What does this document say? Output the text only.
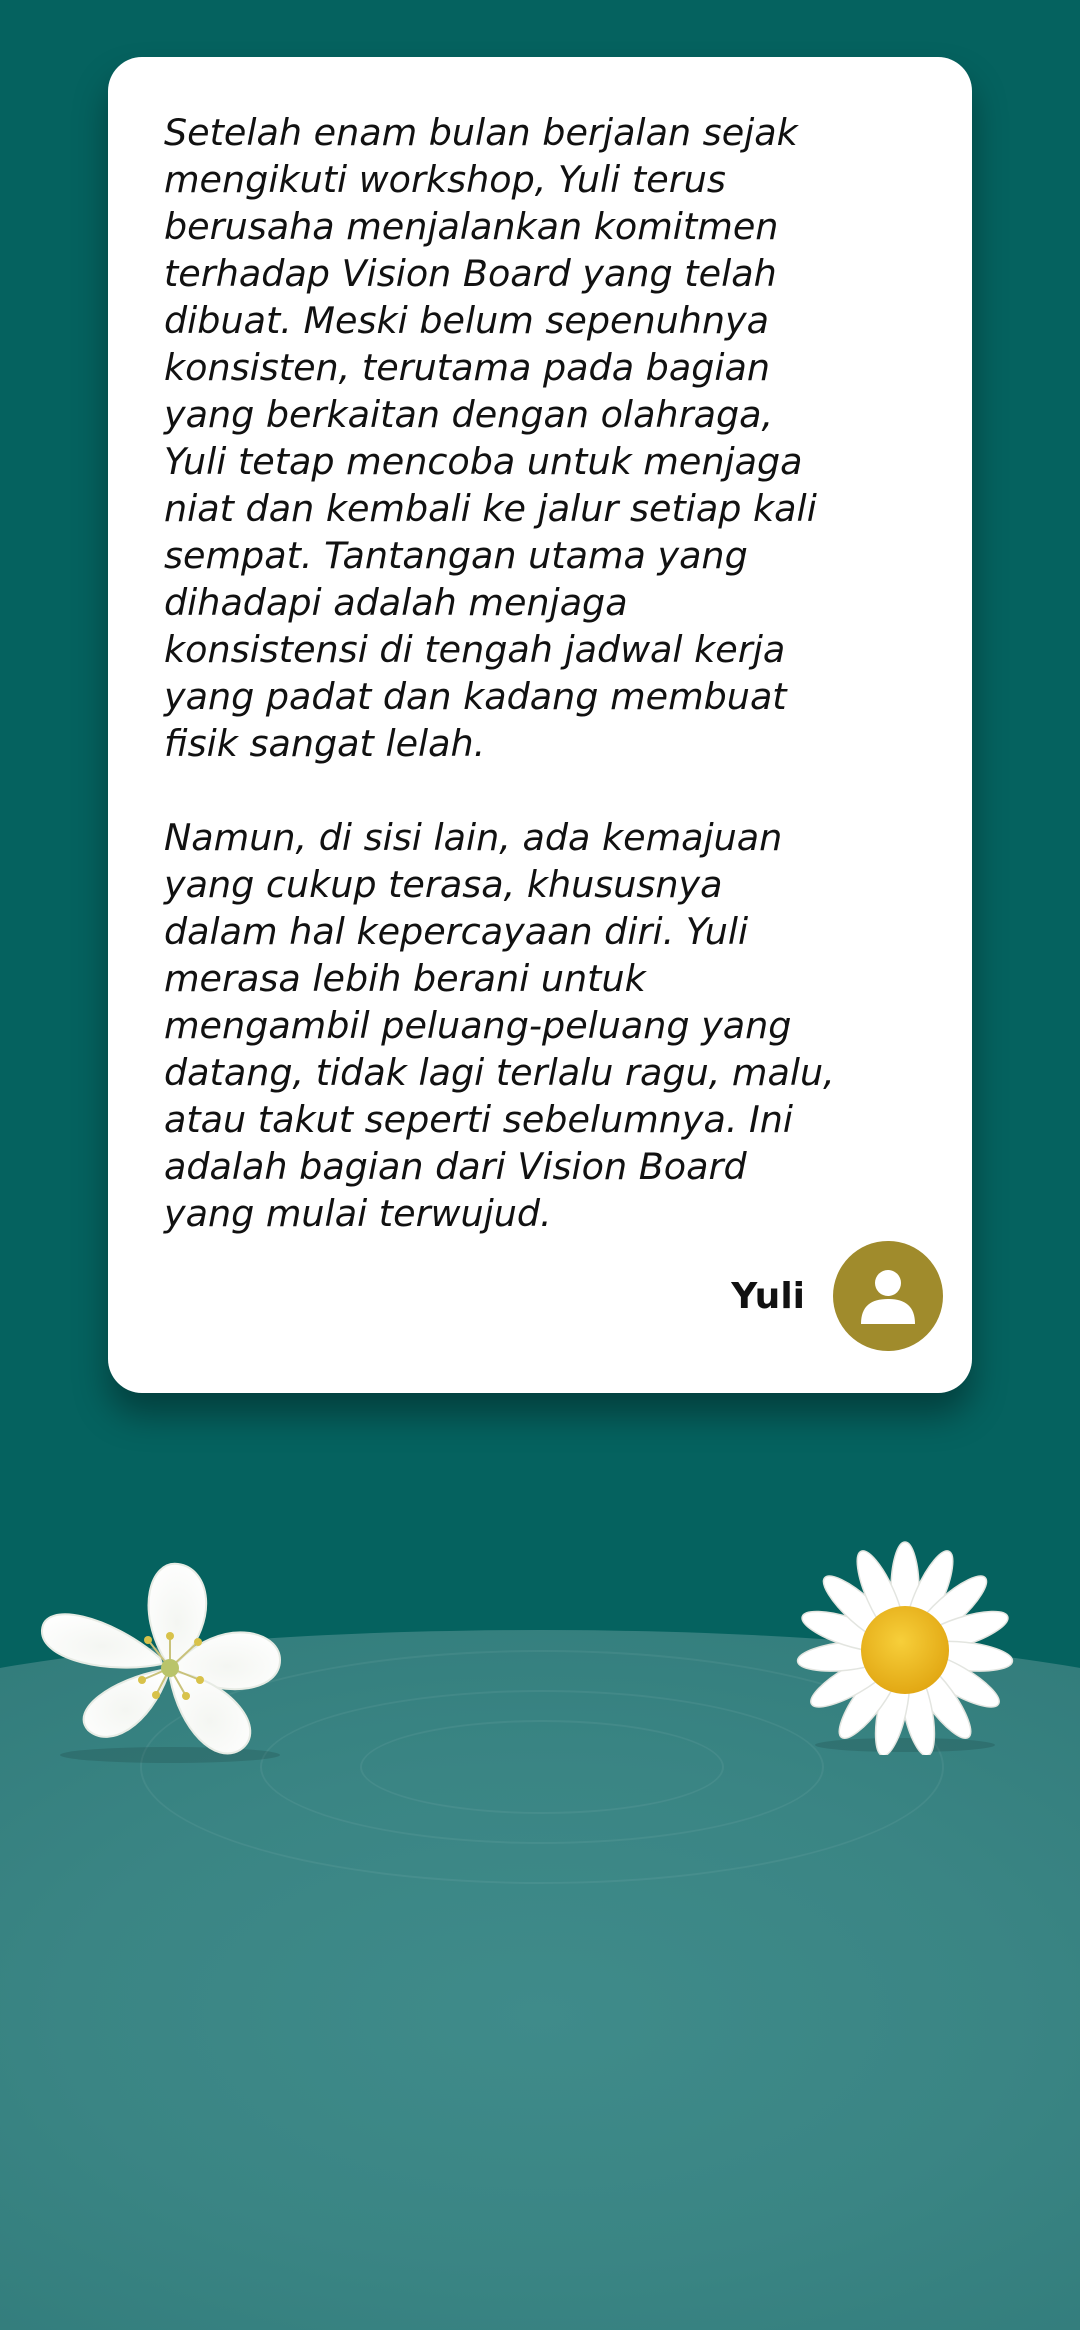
Setelah enam bulan berjalan sejak
mengikuti workshop, Yuli terus
berusaha menjalankan komitmen
terhadap Vision Board yang telah
dibuat. Meski belum sepenuhnya
konsisten, terutama pada bagian
yang berkaitan dengan olahraga,
Yuli tetap mencoba untuk menjaga
niat dan kembali ke jalur setiap kali
sempat. Tantangan utama yang
dihadapi adalah menjaga
konsistensi di tengah jadwal kerja
yang padat dan kadang membuat
fisik sangat lelah.

Namun, di sisi lain, ada kemajuan
yang cukup terasa, khususnya
dalam hal kepercayaan diri. Yuli
merasa lebih berani untuk
mengambil peluang-peluang yang
datang, tidak lagi terlalu ragu, malu,
atau takut seperti sebelumnya. Ini
adalah bagian dari Vision Board
yang mulai terwujud.

Yuli
